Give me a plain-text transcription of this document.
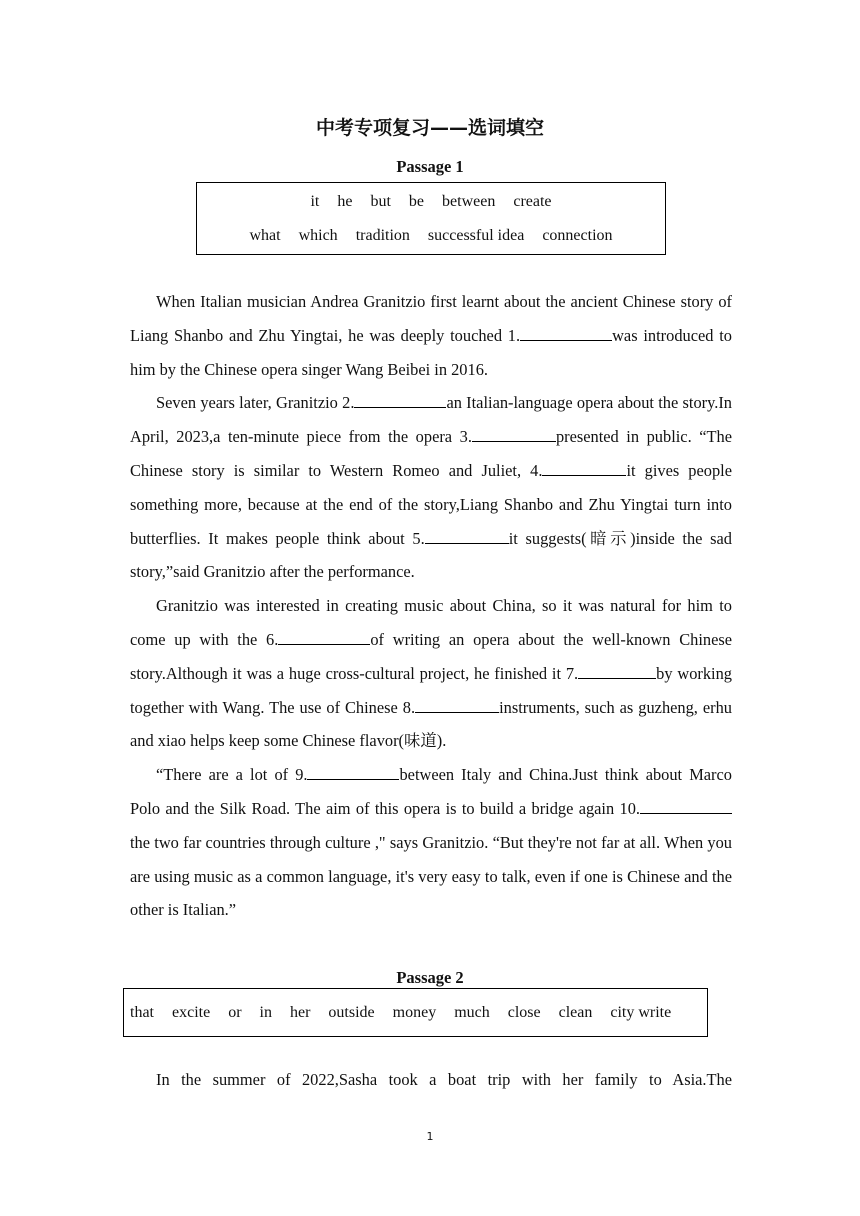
中考专项复习——选词填空
Passage 1
it he but be between create
what which tradition successful idea connection

When Italian musician Andrea Granitzio first learnt about the ancient Chinese story of Liang Shanbo and Zhu Yingtai, he was deeply touched 1.	was introduced to him by the Chinese opera singer Wang Beibei in 2016.

Seven years later, Granitzio 2.	an Italian-language opera about the story.In April, 2023,a ten-minute piece from the opera 3.	presented in public. “The Chinese story is similar to Western Romeo and Juliet, 4.	it gives people something more, because at the end of the story,Liang Shanbo and Zhu Yingtai turn into butterflies. It makes people think about 5.	it suggests(暗示)inside the sad story,”said Granitzio after the performance.

Granitzio was interested in creating music about China, so it was natural for him to come up with the 6.	of writing an opera about the well-known Chinese story.Although it was a huge cross-cultural project, he finished it 7.	by working together with Wang. The use of Chinese 8.	instruments, such as guzheng, erhu and xiao helps keep some Chinese flavor(味道).

“There are a lot of 9.	between Italy and China.Just think about Marco Polo and the Silk Road. The aim of this opera is to build a bridge again 10.the two far countries through culture ," says Granitzio. “But they're not far at all. When you are using music as a common language, it's very easy to talk, even if one is Chinese and the other is Italian.”

Passage 2
that excite or in her outside money much close clean city write

In the summer of 2022,Sasha took a boat trip with her family to Asia.The

1
